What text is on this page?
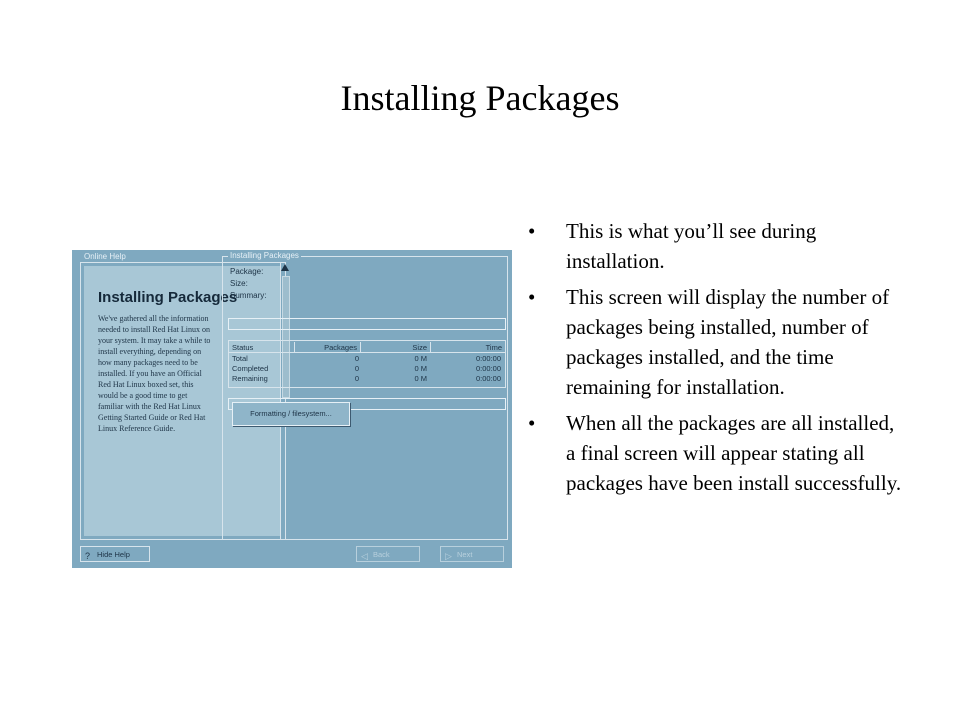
Installing Packages
Online Help
Installing Packages
We've gathered all the information needed to install Red Hat Linux on your system. It may take a while to install everything, depending on how many packages need to be installed. If you have an Official Red Hat Linux boxed set, this would be a good time to get familiar with the Red Hat Linux Getting Started Guide or Red Hat Linux Reference Guide.
Installing Packages
Package:
Size:
Summary:
Status	Packages	Size	Time
Total	0	0 M	0:00:00
Completed	0	0 M	0:00:00
Remaining	0	0 M	0:00:00
Formatting / filesystem...
? Hide Help	◁ Back	▷ Next
• This is what you’ll see during installation.
• This screen will display the number of packages being installed, number of packages installed, and the time remaining for installation.
• When all the packages are all installed, a final screen will appear stating all packages have been install successfully.
